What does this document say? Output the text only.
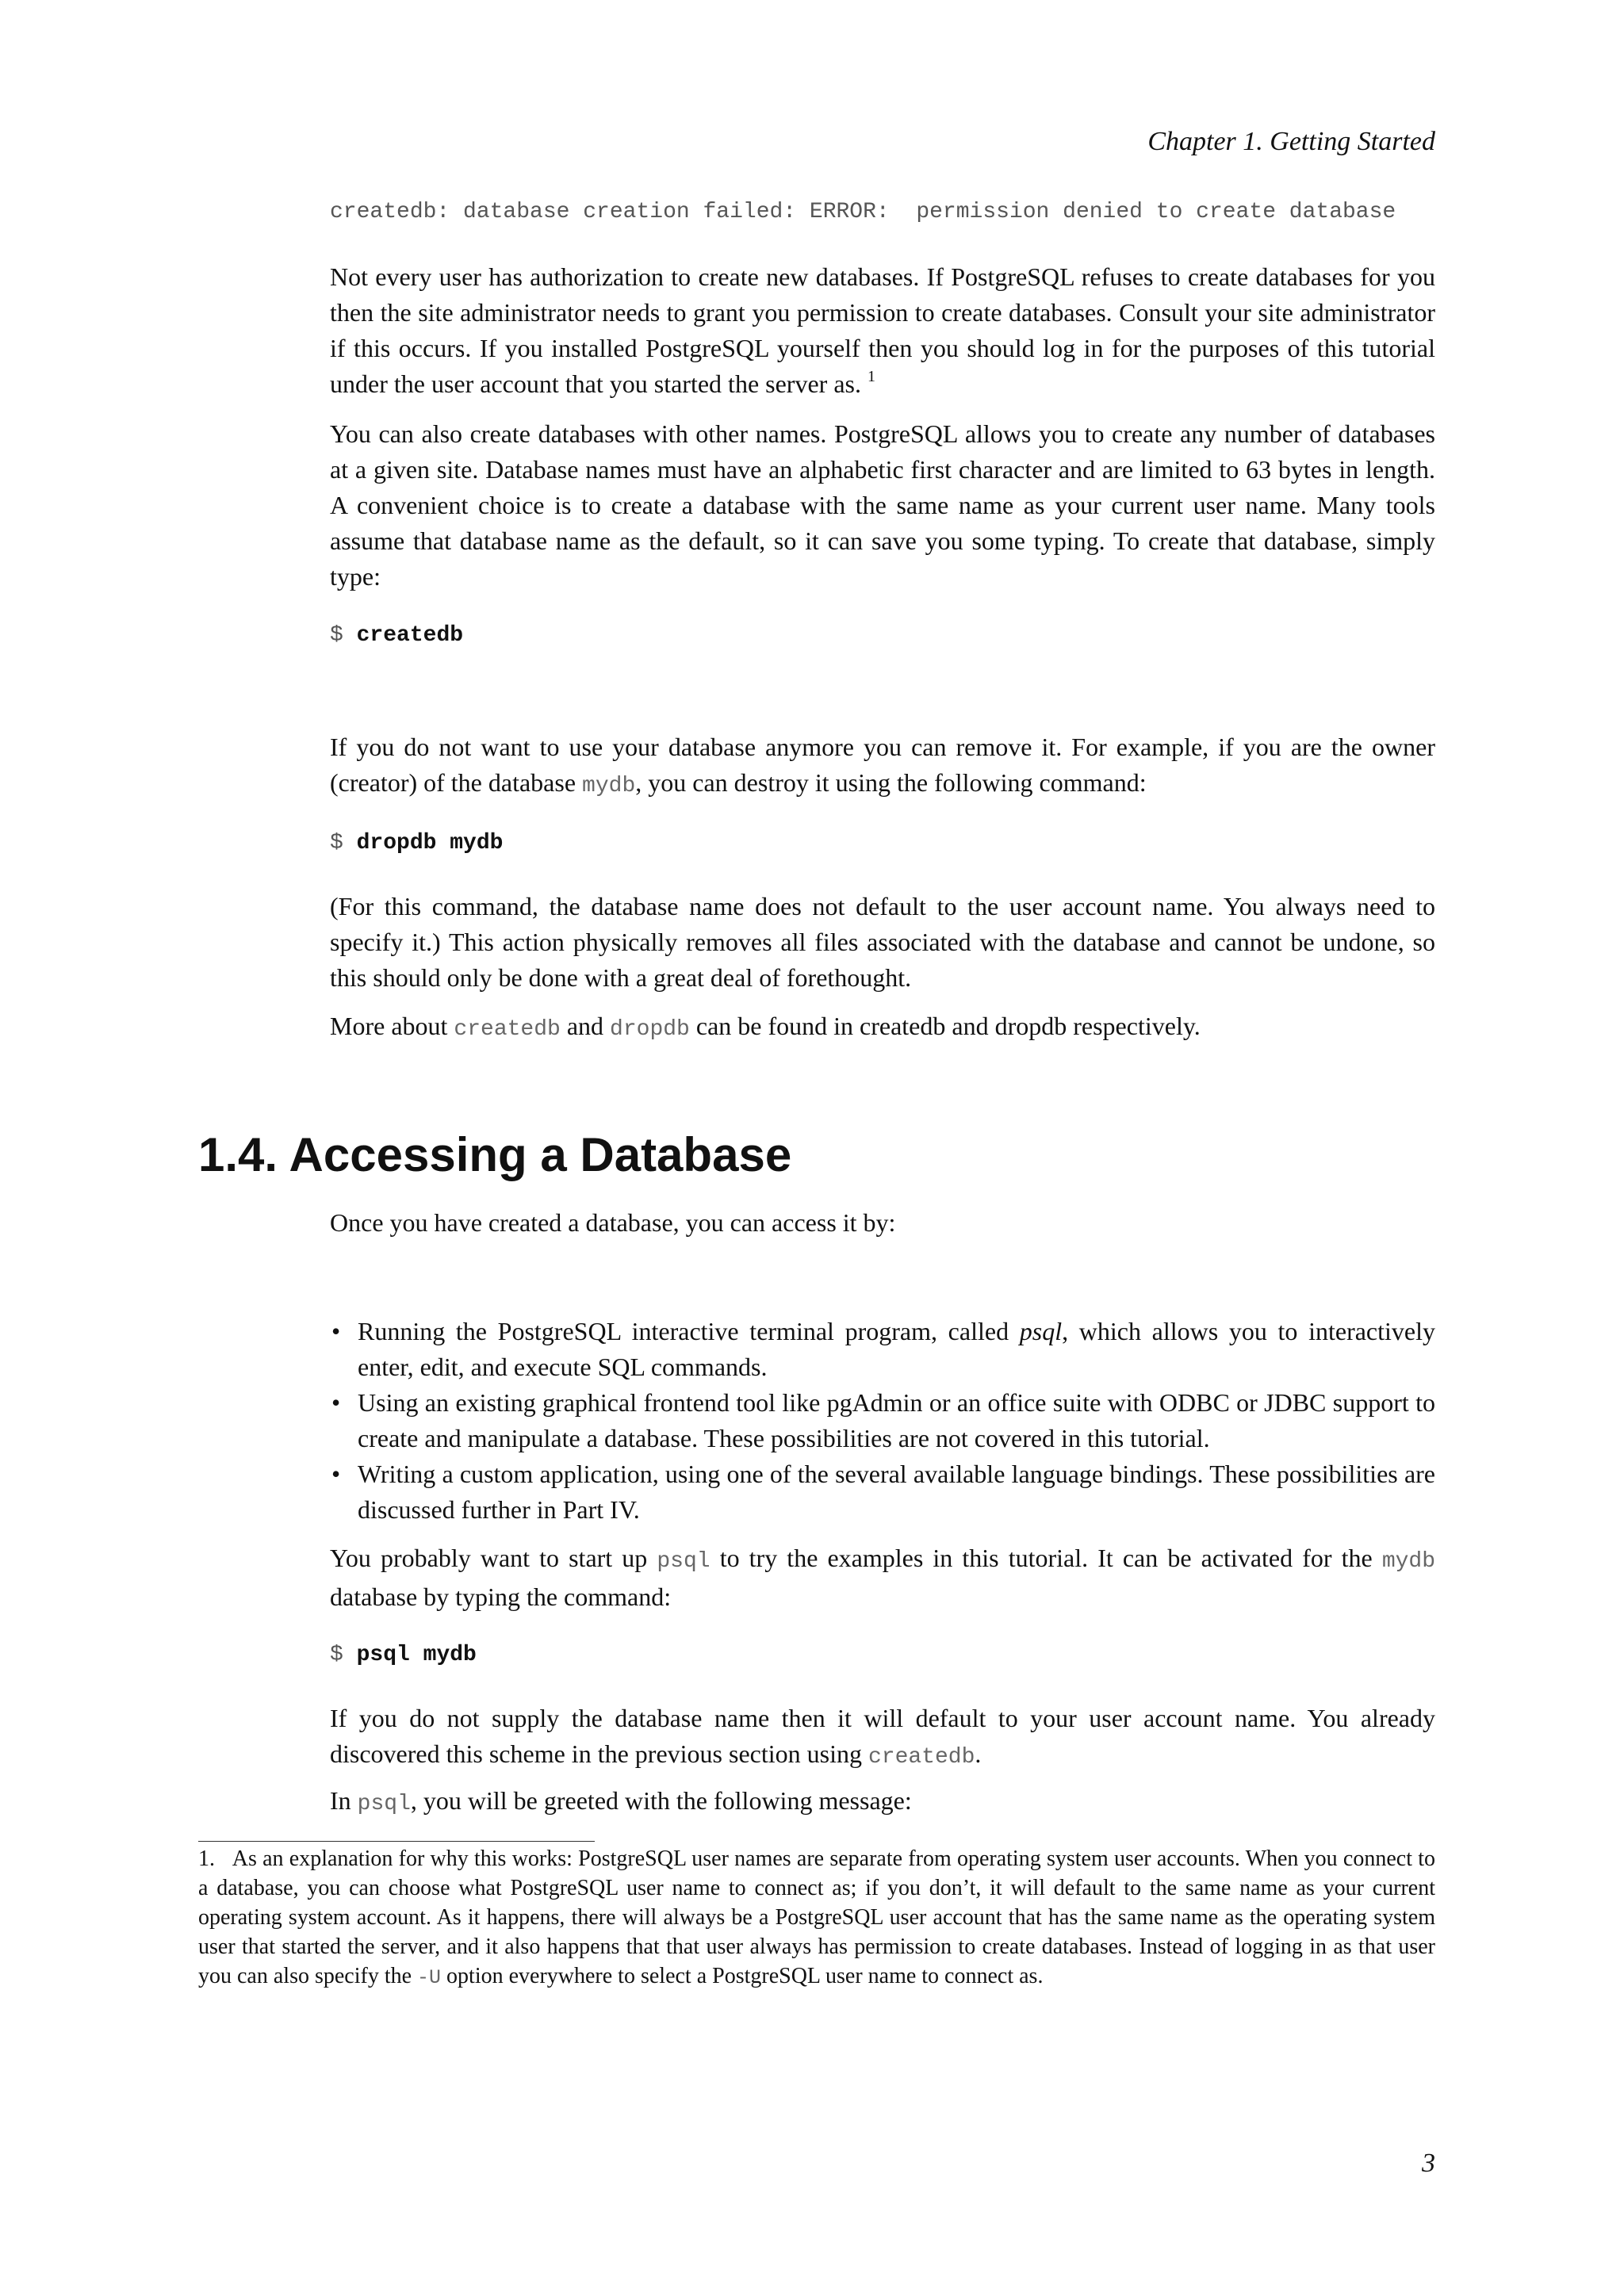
Chapter 1. Getting Started
createdb: database creation failed: ERROR:  permission denied to create database

Not every user has authorization to create new databases. If PostgreSQL refuses to create databases for you then the site administrator needs to grant you permission to create databases. Consult your site administrator if this occurs. If you installed PostgreSQL yourself then you should log in for the purposes of this tutorial under the user account that you started the server as. $^1$

You can also create databases with other names. PostgreSQL allows you to create any number of databases at a given site. Database names must have an alphabetic first character and are limited to 63 bytes in length. A convenient choice is to create a database with the same name as your current user name. Many tools assume that database name as the default, so it can save you some typing. To create that database, simply type:

$ createdb

If you do not want to use your database anymore you can remove it. For example, if you are the owner (creator) of the database mydb, you can destroy it using the following command:

$ dropdb mydb

(For this command, the database name does not default to the user account name. You always need to specify it.) This action physically removes all files associated with the database and cannot be undone, so this should only be done with a great deal of forethought.

More about createdb and dropdb can be found in createdb and dropdb respectively.

1.4. Accessing a Database

Once you have created a database, you can access it by:

• Running the PostgreSQL interactive terminal program, called psql, which allows you to interactively enter, edit, and execute SQL commands.
• Using an existing graphical frontend tool like pgAdmin or an office suite with ODBC or JDBC support to create and manipulate a database. These possibilities are not covered in this tutorial.
• Writing a custom application, using one of the several available language bindings. These possibilities are discussed further in Part IV.

You probably want to start up psql to try the examples in this tutorial. It can be activated for the mydb database by typing the command:

$ psql mydb

If you do not supply the database name then it will default to your user account name. You already discovered this scheme in the previous section using createdb.

In psql, you will be greeted with the following message:

1. As an explanation for why this works: PostgreSQL user names are separate from operating system user accounts. When you connect to a database, you can choose what PostgreSQL user name to connect as; if you don’t, it will default to the same name as your current operating system account. As it happens, there will always be a PostgreSQL user account that has the same name as the operating system user that started the server, and it also happens that that user always has permission to create databases. Instead of logging in as that user you can also specify the -U option everywhere to select a PostgreSQL user name to connect as.

3
